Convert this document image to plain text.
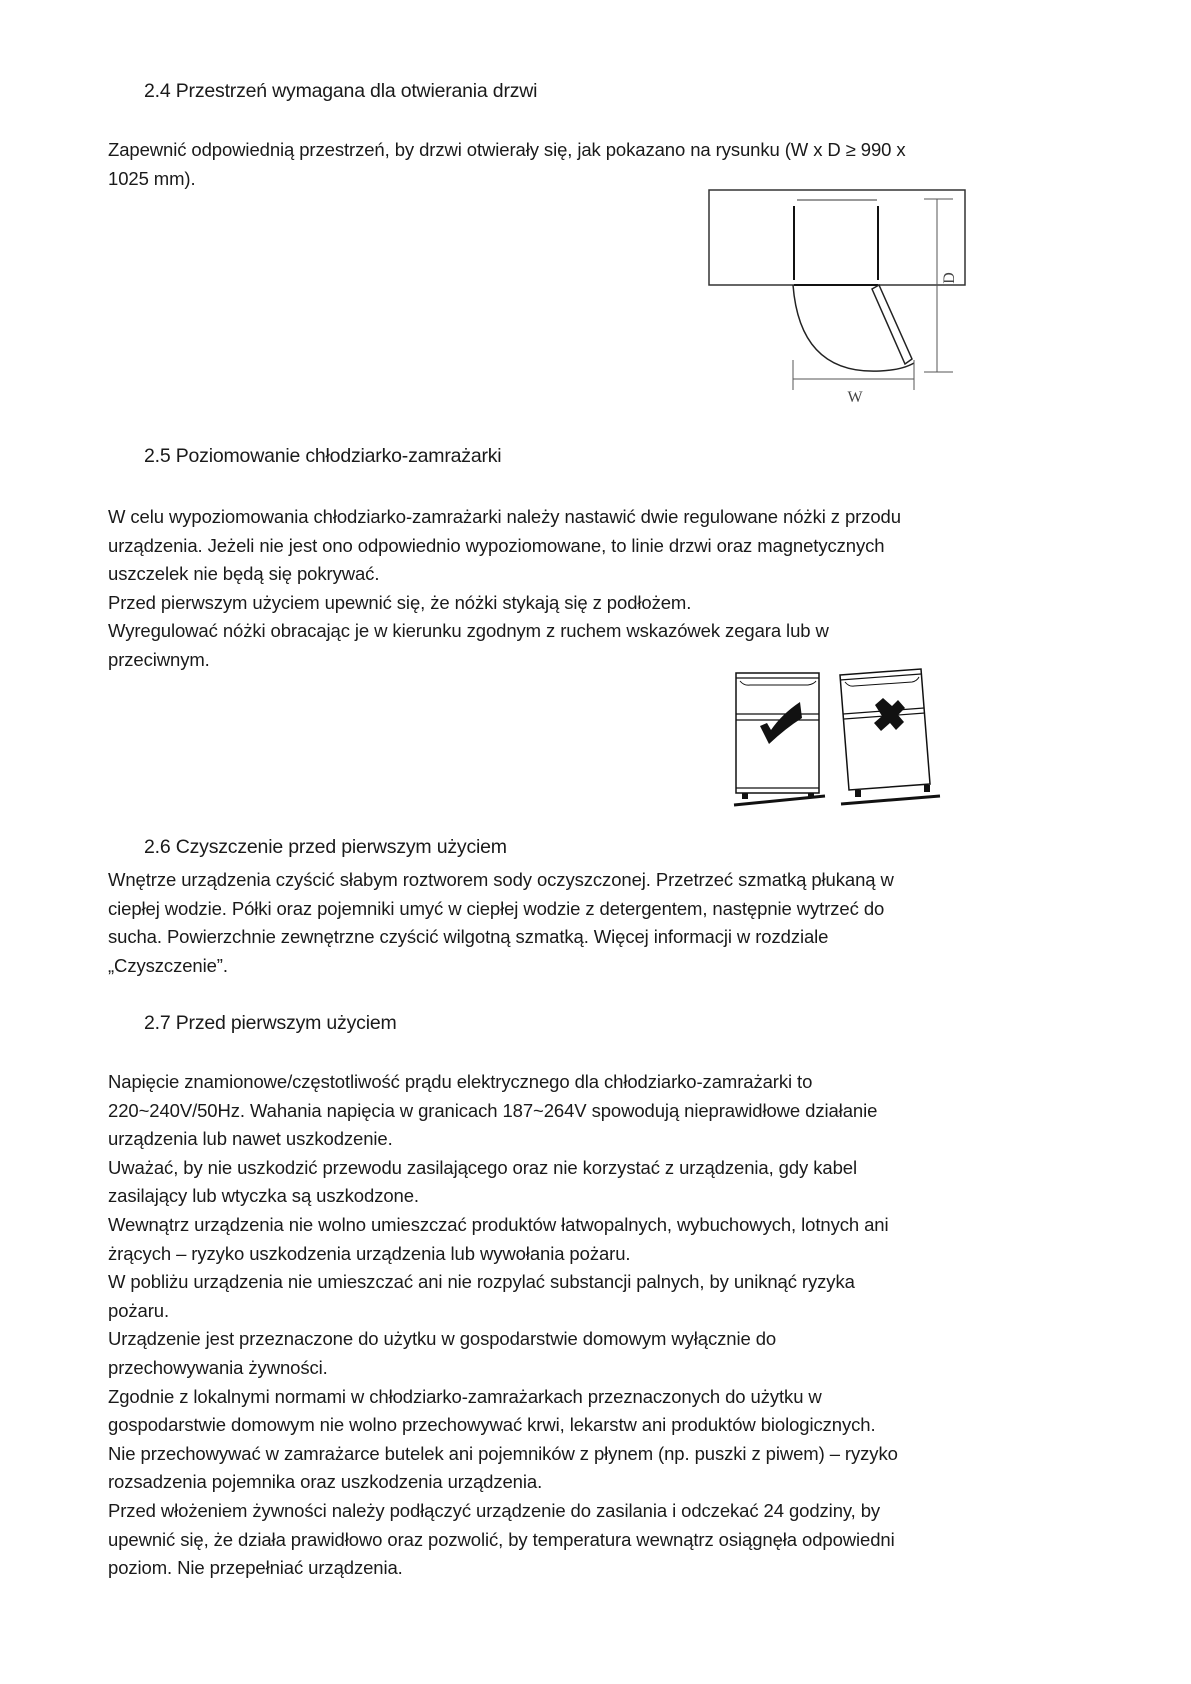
2.4 Przestrzeń wymagana dla otwierania drzwi
Zapewnić odpowiednią przestrzeń, by drzwi otwierały się, jak pokazano na rysunku (W x D ≥ 990 x
1025 mm).
W
D
2.5 Poziomowanie chłodziarko-zamrażarki
W celu wypoziomowania chłodziarko-zamrażarki należy nastawić dwie regulowane nóżki z przodu
urządzenia. Jeżeli nie jest ono odpowiednio wypoziomowane, to linie drzwi oraz magnetycznych
uszczelek nie będą się pokrywać.
Przed pierwszym użyciem upewnić się, że nóżki stykają się z podłożem.
Wyregulować nóżki obracając je w kierunku zgodnym z ruchem wskazówek zegara lub w
przeciwnym.
2.6 Czyszczenie przed pierwszym użyciem
Wnętrze urządzenia czyścić słabym roztworem sody oczyszczonej. Przetrzeć szmatką płukaną w
ciepłej wodzie. Półki oraz pojemniki umyć w ciepłej wodzie z detergentem, następnie wytrzeć do
sucha. Powierzchnie zewnętrzne czyścić wilgotną szmatką. Więcej informacji w rozdziale
„Czyszczenie”.
2.7 Przed pierwszym użyciem
Napięcie znamionowe/częstotliwość prądu elektrycznego dla chłodziarko-zamrażarki to
220~240V/50Hz. Wahania napięcia w granicach 187~264V spowodują nieprawidłowe działanie
urządzenia lub nawet uszkodzenie.
Uważać, by nie uszkodzić przewodu zasilającego oraz nie korzystać z urządzenia, gdy kabel
zasilający lub wtyczka są uszkodzone.
Wewnątrz urządzenia nie wolno umieszczać produktów łatwopalnych, wybuchowych, lotnych ani
żrących – ryzyko uszkodzenia urządzenia lub wywołania pożaru.
W pobliżu urządzenia nie umieszczać ani nie rozpylać substancji palnych, by uniknąć ryzyka
pożaru.
Urządzenie jest przeznaczone do użytku w gospodarstwie domowym wyłącznie do
przechowywania żywności.
Zgodnie z lokalnymi normami w chłodziarko-zamrażarkach przeznaczonych do użytku w
gospodarstwie domowym nie wolno przechowywać krwi, lekarstw ani produktów biologicznych.
Nie przechowywać w zamrażarce butelek ani pojemników z płynem (np. puszki z piwem) – ryzyko
rozsadzenia pojemnika oraz uszkodzenia urządzenia.
Przed włożeniem żywności należy podłączyć urządzenie do zasilania i odczekać 24 godziny, by
upewnić się, że działa prawidłowo oraz pozwolić, by temperatura wewnątrz osiągnęła odpowiedni
poziom. Nie przepełniać urządzenia.
